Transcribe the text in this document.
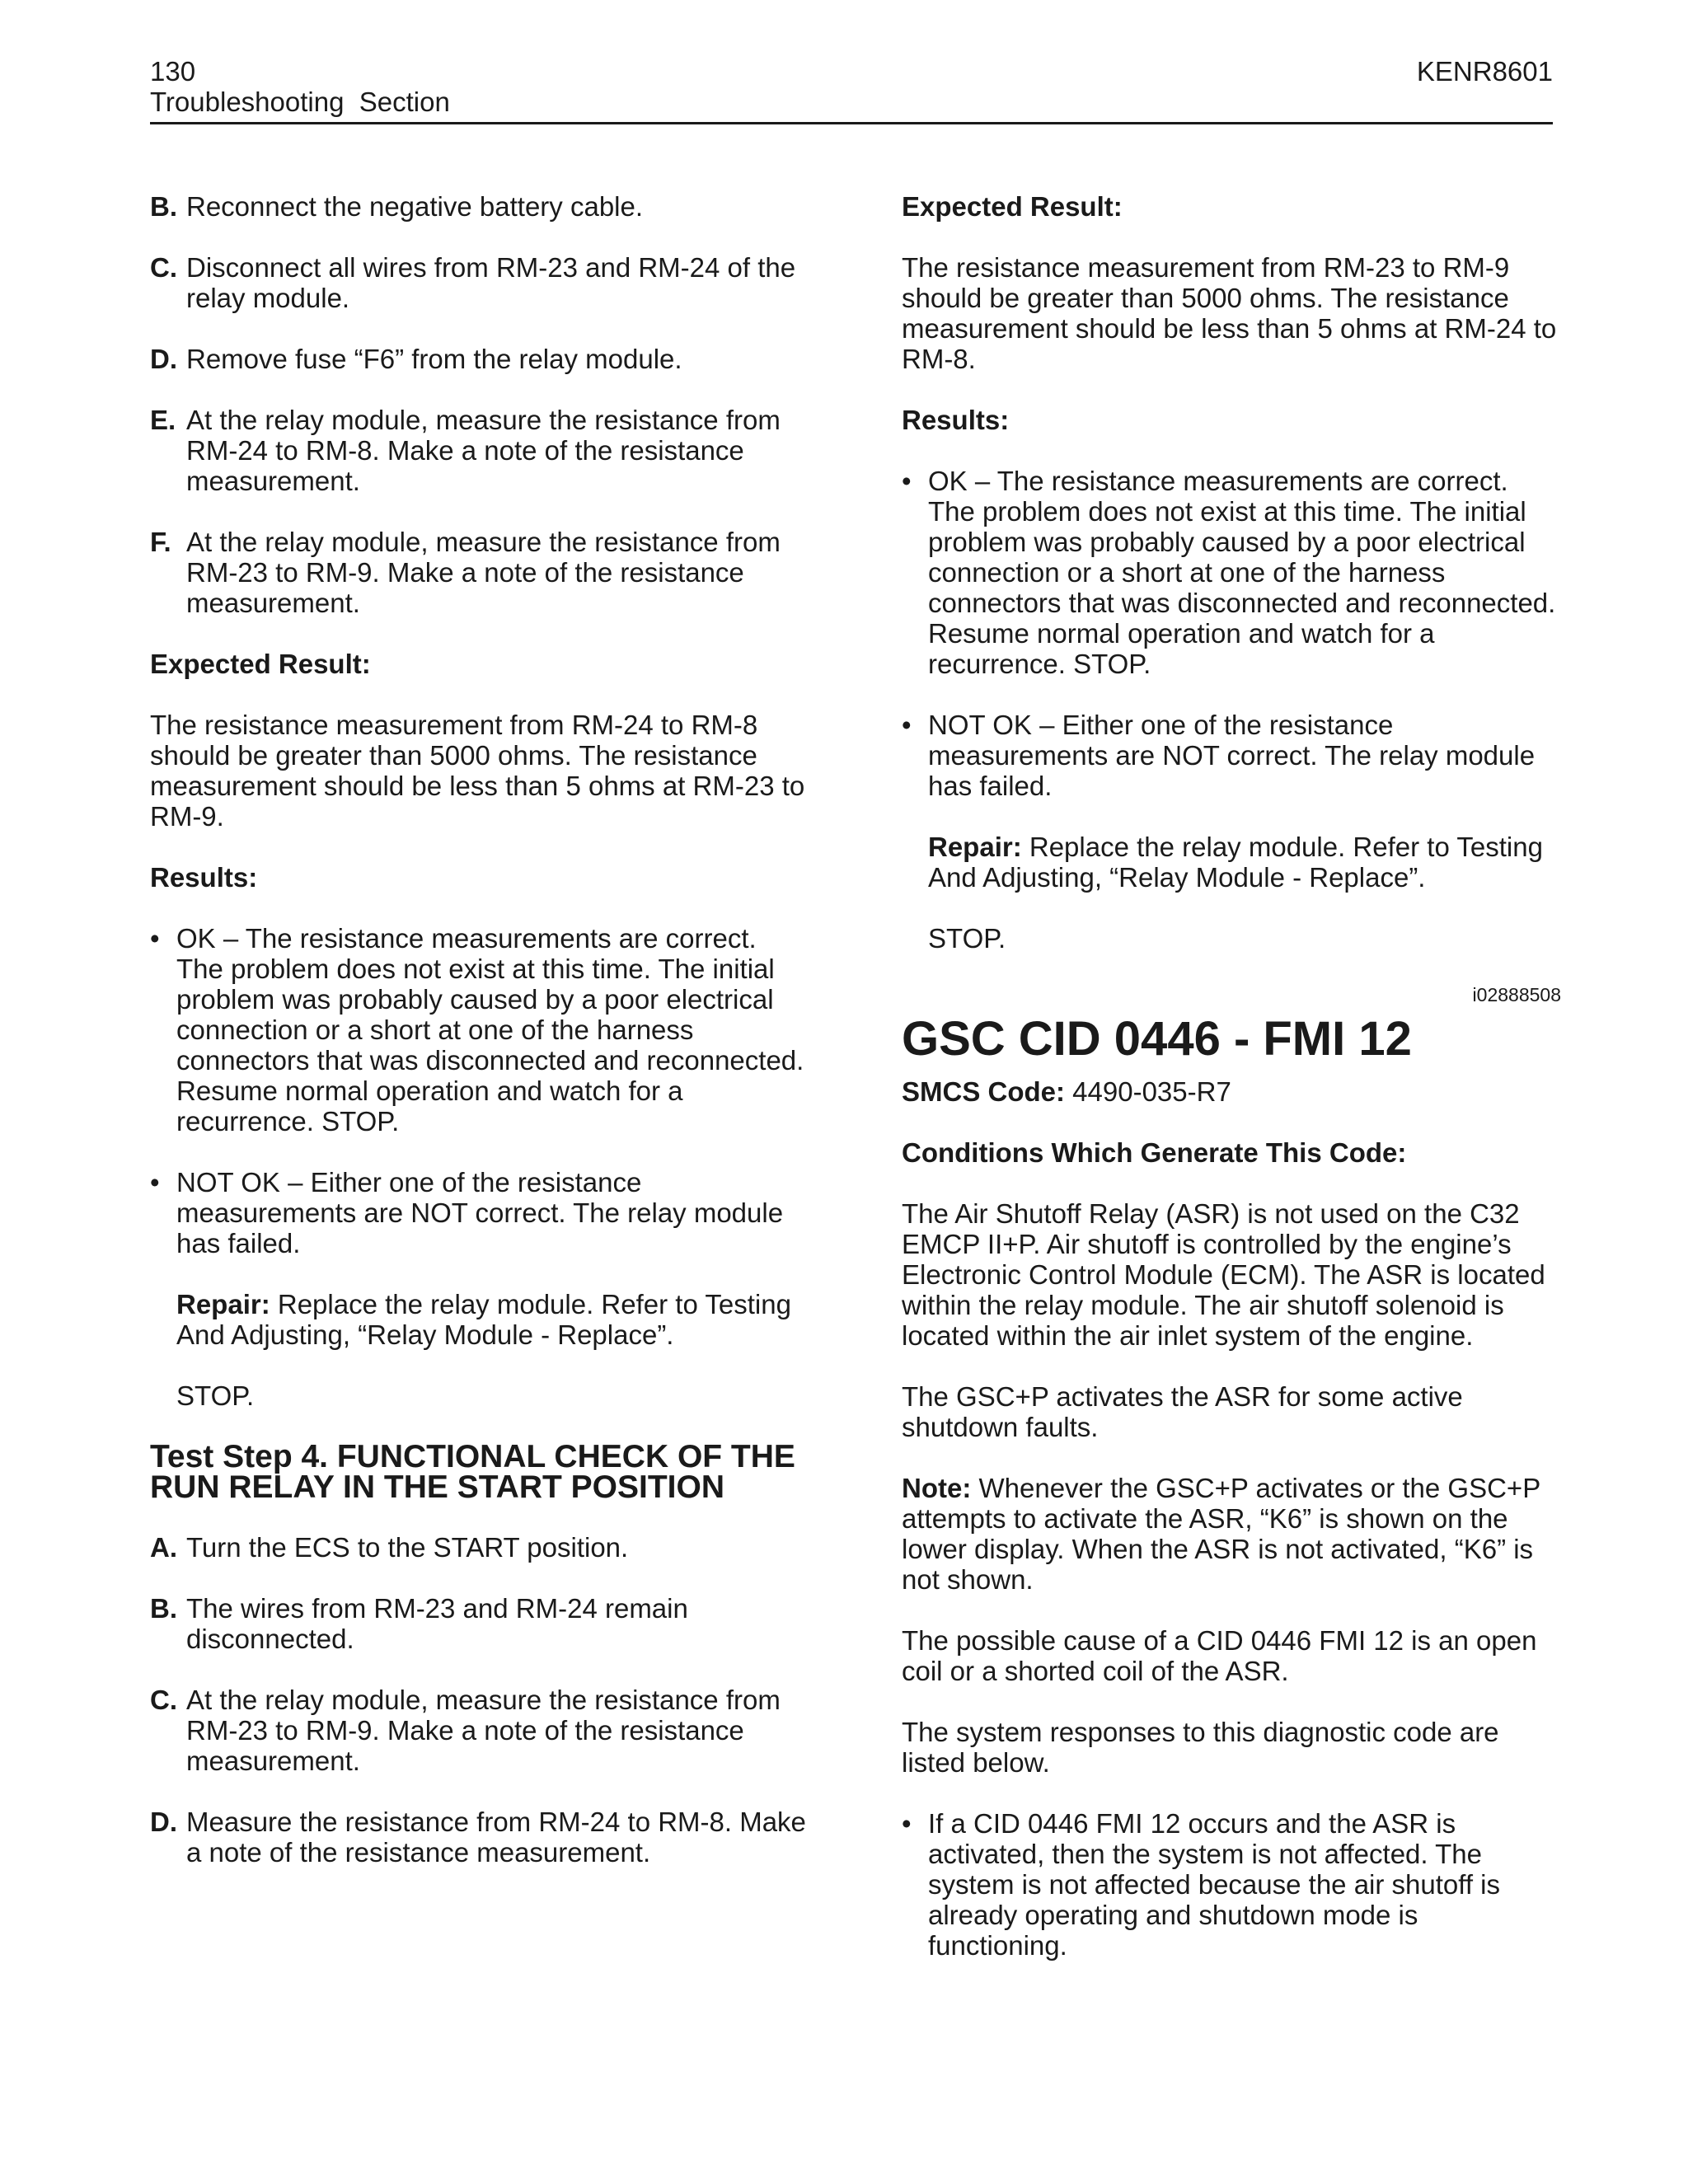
130
Troubleshooting  Section
KENR8601
B. Reconnect the negative battery cable.
C. Disconnect all wires from RM-23 and RM-24 of the relay module.
D. Remove fuse “F6” from the relay module.
E. At the relay module, measure the resistance from RM-24 to RM-8. Make a note of the resistance measurement.
F. At the relay module, measure the resistance from RM-23 to RM-9. Make a note of the resistance measurement.
Expected Result:

The resistance measurement from RM-24 to RM-8 should be greater than 5000 ohms. The resistance measurement should be less than 5 ohms at RM-23 to RM-9.

Results:
• OK – The resistance measurements are correct. The problem does not exist at this time. The initial problem was probably caused by a poor electrical connection or a short at one of the harness connectors that was disconnected and reconnected. Resume normal operation and watch for a recurrence. STOP.
• NOT OK – Either one of the resistance measurements are NOT correct. The relay module has failed.
Repair: Replace the relay module. Refer to Testing And Adjusting, “Relay Module - Replace”.
STOP.
Test Step 4. FUNCTIONAL CHECK OF THE RUN RELAY IN THE START POSITION
A. Turn the ECS to the START position.
B. The wires from RM-23 and RM-24 remain disconnected.
C. At the relay module, measure the resistance from RM-23 to RM-9. Make a note of the resistance measurement.
D. Measure the resistance from RM-24 to RM-8. Make a note of the resistance measurement.
Expected Result:

The resistance measurement from RM-23 to RM-9 should be greater than 5000 ohms. The resistance measurement should be less than 5 ohms at RM-24 to RM-8.

Results:
• OK – The resistance measurements are correct. The problem does not exist at this time. The initial problem was probably caused by a poor electrical connection or a short at one of the harness connectors that was disconnected and reconnected. Resume normal operation and watch for a recurrence. STOP.
• NOT OK – Either one of the resistance measurements are NOT correct. The relay module has failed.
Repair: Replace the relay module. Refer to Testing And Adjusting, “Relay Module - Replace”.
STOP.
i02888508
GSC CID 0446 - FMI 12

SMCS Code: 4490-035-R7

Conditions Which Generate This Code:

The Air Shutoff Relay (ASR) is not used on the C32 EMCP II+P. Air shutoff is controlled by the engine’s Electronic Control Module (ECM). The ASR is located within the relay module. The air shutoff solenoid is located within the air inlet system of the engine.

The GSC+P activates the ASR for some active shutdown faults.

Note: Whenever the GSC+P activates or the GSC+P attempts to activate the ASR, “K6” is shown on the lower display. When the ASR is not activated, “K6” is not shown.

The possible cause of a CID 0446 FMI 12 is an open coil or a shorted coil of the ASR.

The system responses to this diagnostic code are listed below.

• If a CID 0446 FMI 12 occurs and the ASR is activated, then the system is not affected. The system is not affected because the air shutoff is already operating and shutdown mode is functioning.
